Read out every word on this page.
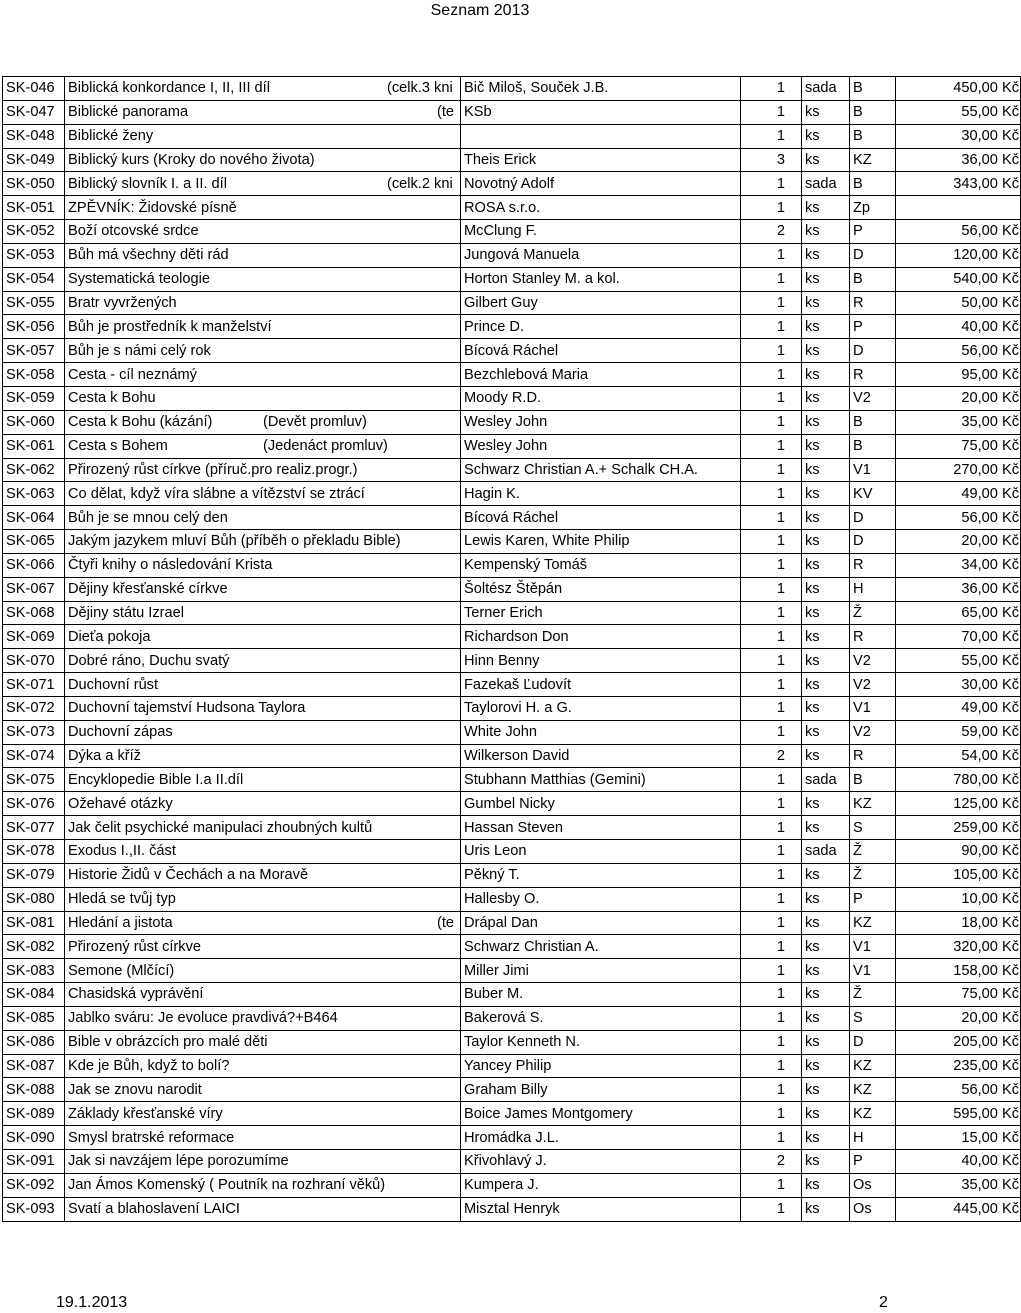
Seznam 2013
SK-046	Biblická konkordance I, II, III díl (celk.3 kni	Bič Miloš, Souček J.B.	1	sada	B	450,00 Kč
SK-047	Biblické panorama (te	KSb	1	ks	B	55,00 Kč
SK-048	Biblické ženy		1	ks	B	30,00 Kč
SK-049	Biblický kurs (Kroky do nového života)	Theis Erick	3	ks	KZ	36,00 Kč
SK-050	Biblický slovník I. a II. díl (celk.2 kni	Novotný Adolf	1	sada	B	343,00 Kč
SK-051	ZPĚVNÍK: Židovské písně	ROSA s.r.o.	1	ks	Zp	
SK-052	Boží otcovské srdce	McClung F.	2	ks	P	56,00 Kč
SK-053	Bůh má všechny děti rád	Jungová Manuela	1	ks	D	120,00 Kč
SK-054	Systematická teologie	Horton Stanley M. a kol.	1	ks	B	540,00 Kč
SK-055	Bratr vyvržených	Gilbert Guy	1	ks	R	50,00 Kč
SK-056	Bůh je prostředník k manželství	Prince D.	1	ks	P	40,00 Kč
SK-057	Bůh je s námi celý rok	Bícová Ráchel	1	ks	D	56,00 Kč
SK-058	Cesta - cíl neznámý	Bezchlebová Maria	1	ks	R	95,00 Kč
SK-059	Cesta k Bohu	Moody R.D.	1	ks	V2	20,00 Kč
SK-060	Cesta k Bohu (kázání) (Devět promluv)	Wesley John	1	ks	B	35,00 Kč
SK-061	Cesta s Bohem (Jedenáct promluv)	Wesley John	1	ks	B	75,00 Kč
SK-062	Přirozený růst církve (příruč.pro realiz.progr.)	Schwarz Christian A.+ Schalk CH.A.	1	ks	V1	270,00 Kč
SK-063	Co dělat, když víra slábne a vítězství se ztrácí	Hagin K.	1	ks	KV	49,00 Kč
SK-064	Bůh je se mnou celý den	Bícová Ráchel	1	ks	D	56,00 Kč
SK-065	Jakým jazykem mluví Bůh (příběh o překladu Bible)	Lewis Karen, White Philip	1	ks	D	20,00 Kč
SK-066	Čtyři knihy o následování Krista	Kempenský Tomáš	1	ks	R	34,00 Kč
SK-067	Dějiny křesťanské církve	Šoltész Štěpán	1	ks	H	36,00 Kč
SK-068	Dějiny státu Izrael	Terner Erich	1	ks	Ž	65,00 Kč
SK-069	Dieťa pokoja	Richardson Don	1	ks	R	70,00 Kč
SK-070	Dobré ráno, Duchu svatý	Hinn Benny	1	ks	V2	55,00 Kč
SK-071	Duchovní růst	Fazekaš Ľudovít	1	ks	V2	30,00 Kč
SK-072	Duchovní tajemství Hudsona Taylora	Taylorovi H. a G.	1	ks	V1	49,00 Kč
SK-073	Duchovní zápas	White John	1	ks	V2	59,00 Kč
SK-074	Dýka a kříž	Wilkerson David	2	ks	R	54,00 Kč
SK-075	Encyklopedie Bible I.a II.díl	Stubhann Matthias (Gemini)	1	sada	B	780,00 Kč
SK-076	Ožehavé otázky	Gumbel Nicky	1	ks	KZ	125,00 Kč
SK-077	Jak čelit psychické manipulaci zhoubných kultů	Hassan Steven	1	ks	S	259,00 Kč
SK-078	Exodus I.,II. část	Uris Leon	1	sada	Ž	90,00 Kč
SK-079	Historie Židů v Čechách a na Moravě	Pěkný T.	1	ks	Ž	105,00 Kč
SK-080	Hledá se tvůj typ	Hallesby O.	1	ks	P	10,00 Kč
SK-081	Hledání a jistota (te	Drápal Dan	1	ks	KZ	18,00 Kč
SK-082	Přirozený růst církve	Schwarz Christian A.	1	ks	V1	320,00 Kč
SK-083	Semone (Mlčící)	Miller Jimi	1	ks	V1	158,00 Kč
SK-084	Chasidská vyprávění	Buber M.	1	ks	Ž	75,00 Kč
SK-085	Jablko sváru: Je evoluce pravdivá?+B464	Bakerová S.	1	ks	S	20,00 Kč
SK-086	Bible v obrázcích pro malé děti	Taylor Kenneth N.	1	ks	D	205,00 Kč
SK-087	Kde je Bůh, když to bolí?	Yancey Philip	1	ks	KZ	235,00 Kč
SK-088	Jak se znovu narodit	Graham Billy	1	ks	KZ	56,00 Kč
SK-089	Základy křesťanské víry	Boice James Montgomery	1	ks	KZ	595,00 Kč
SK-090	Smysl bratrské reformace	Hromádka J.L.	1	ks	H	15,00 Kč
SK-091	Jak si navzájem lépe porozumíme	Křivohlavý J.	2	ks	P	40,00 Kč
SK-092	Jan Ámos Komenský ( Poutník na rozhraní věků)	Kumpera J.	1	ks	Os	35,00 Kč
SK-093	Svatí a blahoslavení LAICI	Misztal Henryk	1	ks	Os	445,00 Kč
19.1.2013	2
